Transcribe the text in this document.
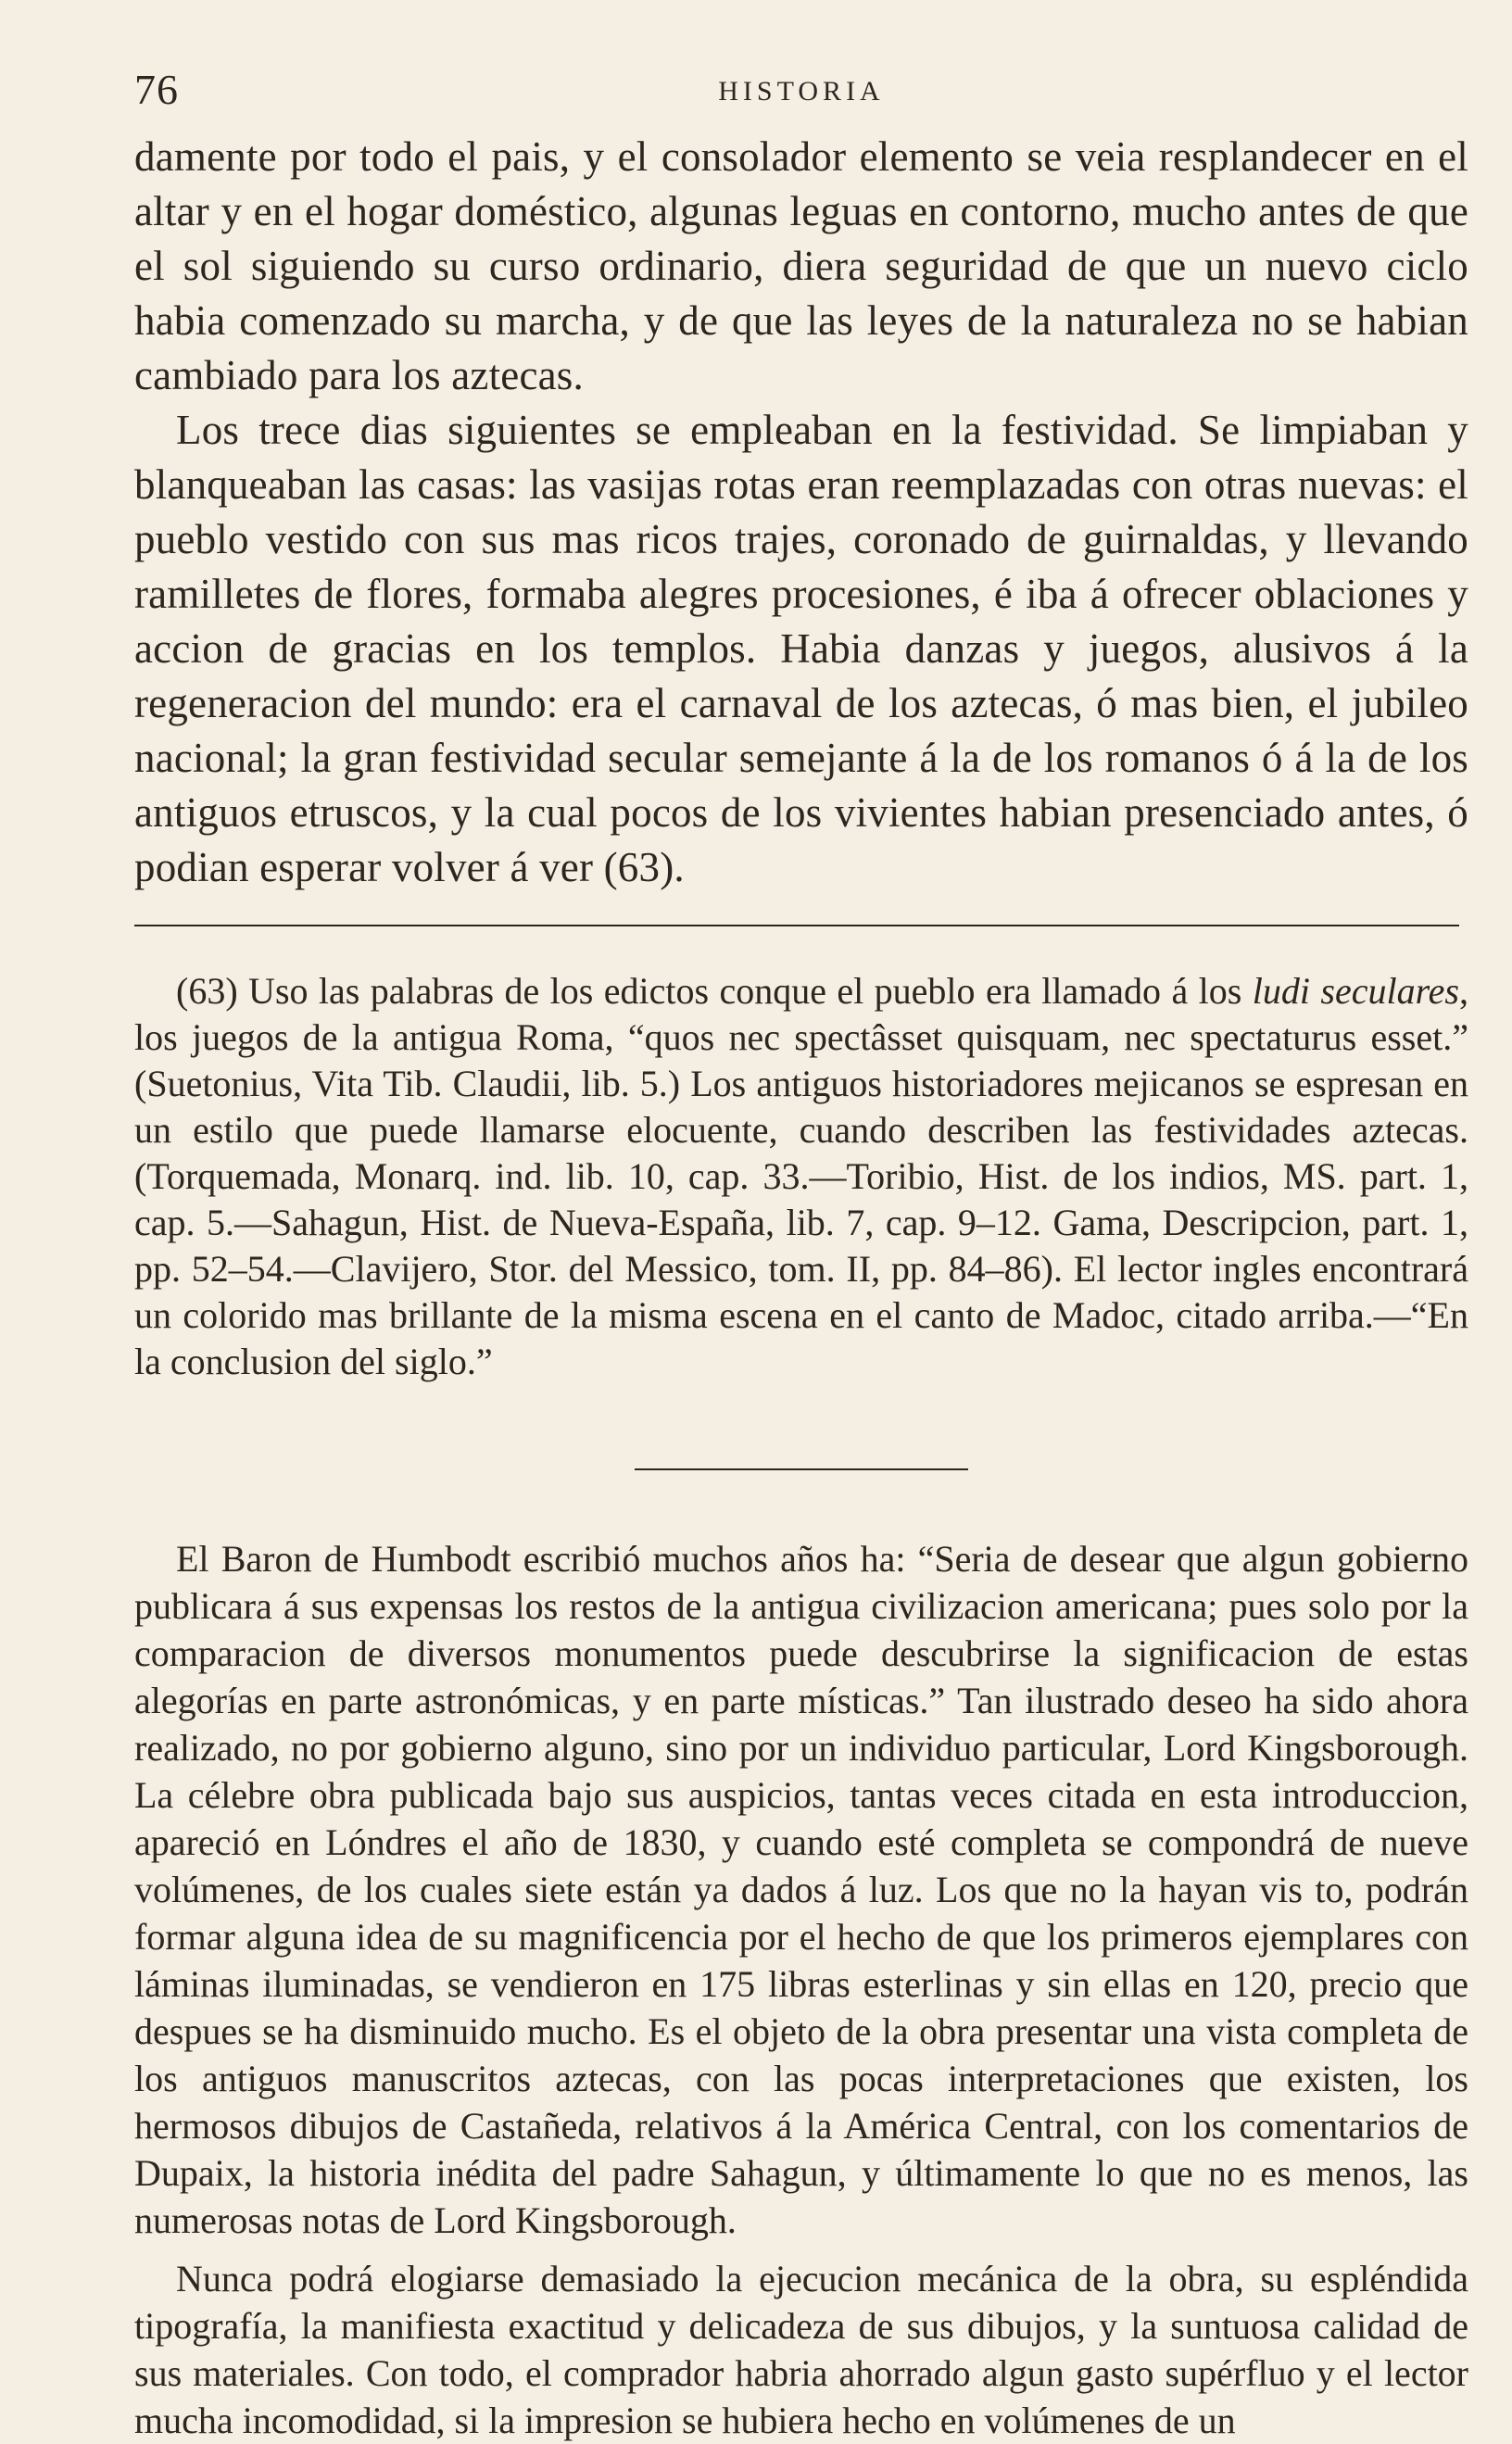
76	HISTORIA

damente por todo el pais, y el consolador elemento se veia resplandecer en el altar y en el hogar doméstico, algunas leguas en contorno, mucho antes de que el sol siguiendo su curso ordinario, diera seguridad de que un nuevo ciclo habia comenzado su marcha, y de que las leyes de la naturaleza no se habian cambiado para los aztecas.

Los trece dias siguientes se empleaban en la festividad. Se limpiaban y blanqueaban las casas: las vasijas rotas eran reemplazadas con otras nuevas: el pueblo vestido con sus mas ricos trajes, coronado de guirnaldas, y llevando ramilletes de flores, formaba alegres procesiones, é iba á ofrecer oblaciones y accion de gracias en los templos. Habia danzas y juegos, alusivos á la regeneracion del mundo: era el carnaval de los aztecas, ó mas bien, el jubileo nacional; la gran festividad secular semejante á la de los romanos ó á la de los antiguos etruscos, y la cual pocos de los vivientes habian presenciado antes, ó podian esperar volver á ver (63).

(63) Uso las palabras de los edictos conque el pueblo era llamado á los ludi seculares, los juegos de la antigua Roma, “quos nec spectâsset quisquam, nec spectaturus esset.” (Suetonius, Vita Tib. Claudii, lib. 5.) Los antiguos historiadores mejicanos se espresan en un estilo que puede llamarse elocuente, cuando describen las festividades aztecas. (Torquemada, Monarq. ind. lib. 10, cap. 33.—Toribio, Hist. de los indios, MS. part. 1, cap. 5.—Sahagun, Hist. de Nueva-España, lib. 7, cap. 9–12. Gama, Descripcion, part. 1, pp. 52–54.—Clavijero, Stor. del Messico, tom. II, pp. 84–86). El lector ingles encontrará un colorido mas brillante de la misma escena en el canto de Madoc, citado arriba.—“En la conclusion del siglo.”

El Baron de Humbodt escribió muchos años ha: “Seria de desear que algun gobierno publicara á sus expensas los restos de la antigua civilizacion americana; pues solo por la comparacion de diversos monumentos puede descubrirse la significacion de estas alegorías en parte astronómicas, y en parte místicas.” Tan ilustrado deseo ha sido ahora realizado, no por gobierno alguno, sino por un individuo particular, Lord Kingsborough. La célebre obra publicada bajo sus auspicios, tantas veces citada en esta introduccion, apareció en Lóndres el año de 1830, y cuando esté completa se compondrá de nueve volúmenes, de los cuales siete están ya dados á luz. Los que no la hayan vis to, podrán formar alguna idea de su magnificencia por el hecho de que los primeros ejemplares con láminas iluminadas, se vendieron en 175 libras esterlinas y sin ellas en 120, precio que despues se ha disminuido mucho. Es el objeto de la obra presentar una vista completa de los antiguos manuscritos aztecas, con las pocas interpretaciones que existen, los hermosos dibujos de Castañeda, relativos á la América Central, con los comentarios de Dupaix, la historia inédita del padre Sahagun, y últimamente lo que no es menos, las numerosas notas de Lord Kingsborough.

Nunca podrá elogiarse demasiado la ejecucion mecánica de la obra, su espléndida tipografía, la manifiesta exactitud y delicadeza de sus dibujos, y la suntuosa calidad de sus materiales. Con todo, el comprador habria ahorrado algun gasto supérfluo y el lector mucha incomodidad, si la impresion se hubiera hecho en volúmenes de un
